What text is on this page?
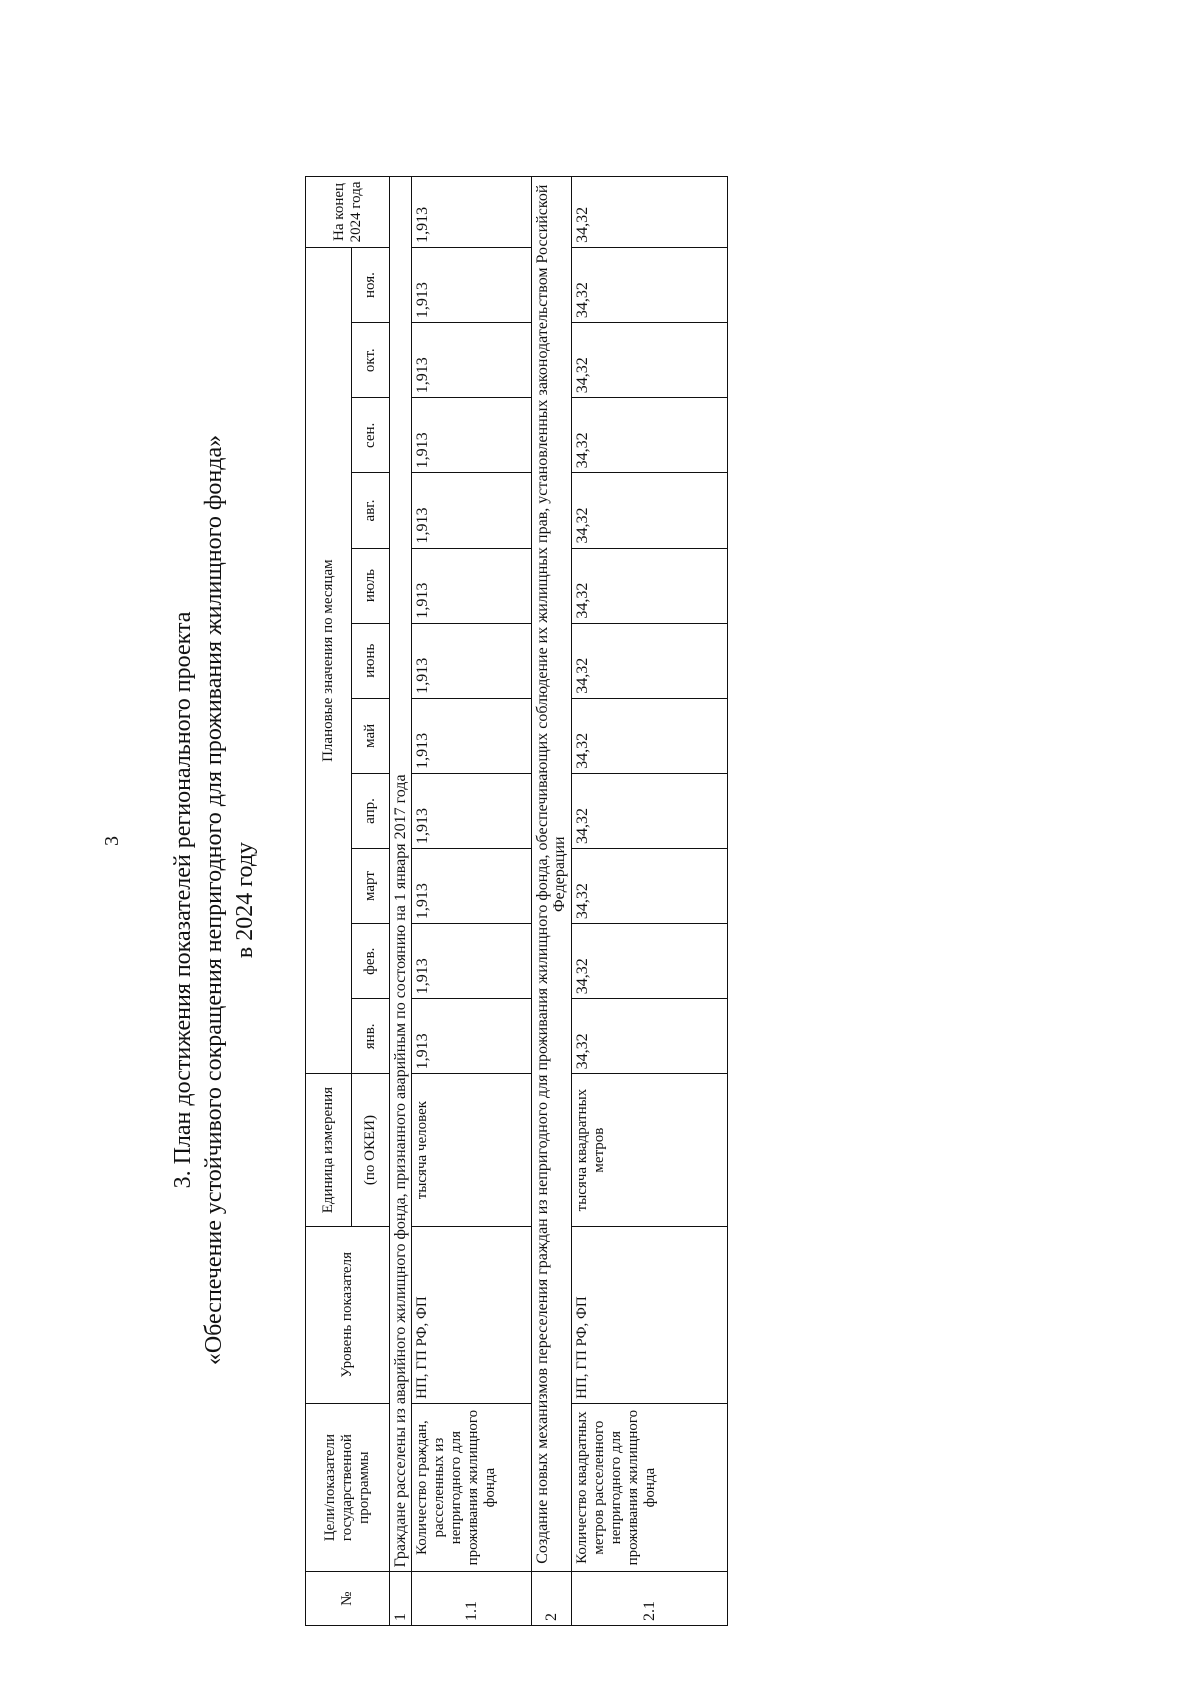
3 3. План достижения показателей регионального проекта «Обеспечение устойчивого сокращения непригодного для проживания жилищного фонда» в 2024 году
№	Цели/показатели государственной программы	Уровень показателя	Единица измерения	Плановые значения по месяцам											На конец 2024 года
			(по ОКЕИ)	янв.	фев.	март	апр.	май	июнь	июль	авг.	сен.	окт.	ноя.	
1	Граждане расселены из аварийного жилищного фонда, признанного аварийным по состоянию на 1 января 2017 года														
1.1	Количество граждан, расселенных из непригодного для проживания жилищного фонда	НП, ГП РФ, ФП	тысяча человек	1,913	1,913	1,913	1,913	1,913	1,913	1,913	1,913	1,913	1,913	1,913	1,913
2	Создание новых механизмов переселения граждан из непригодного для проживания жилищного фонда, обеспечивающих соблюдение их жилищных прав, установленных законодательством Российской Федерации														
2.1	Количество квадратных метров расселенного непригодного для проживания жилищного фонда	НП, ГП РФ, ФП	тысяча квадратных метров	34,32	34,32	34,32	34,32	34,32	34,32	34,32	34,32	34,32	34,32	34,32	34,32
